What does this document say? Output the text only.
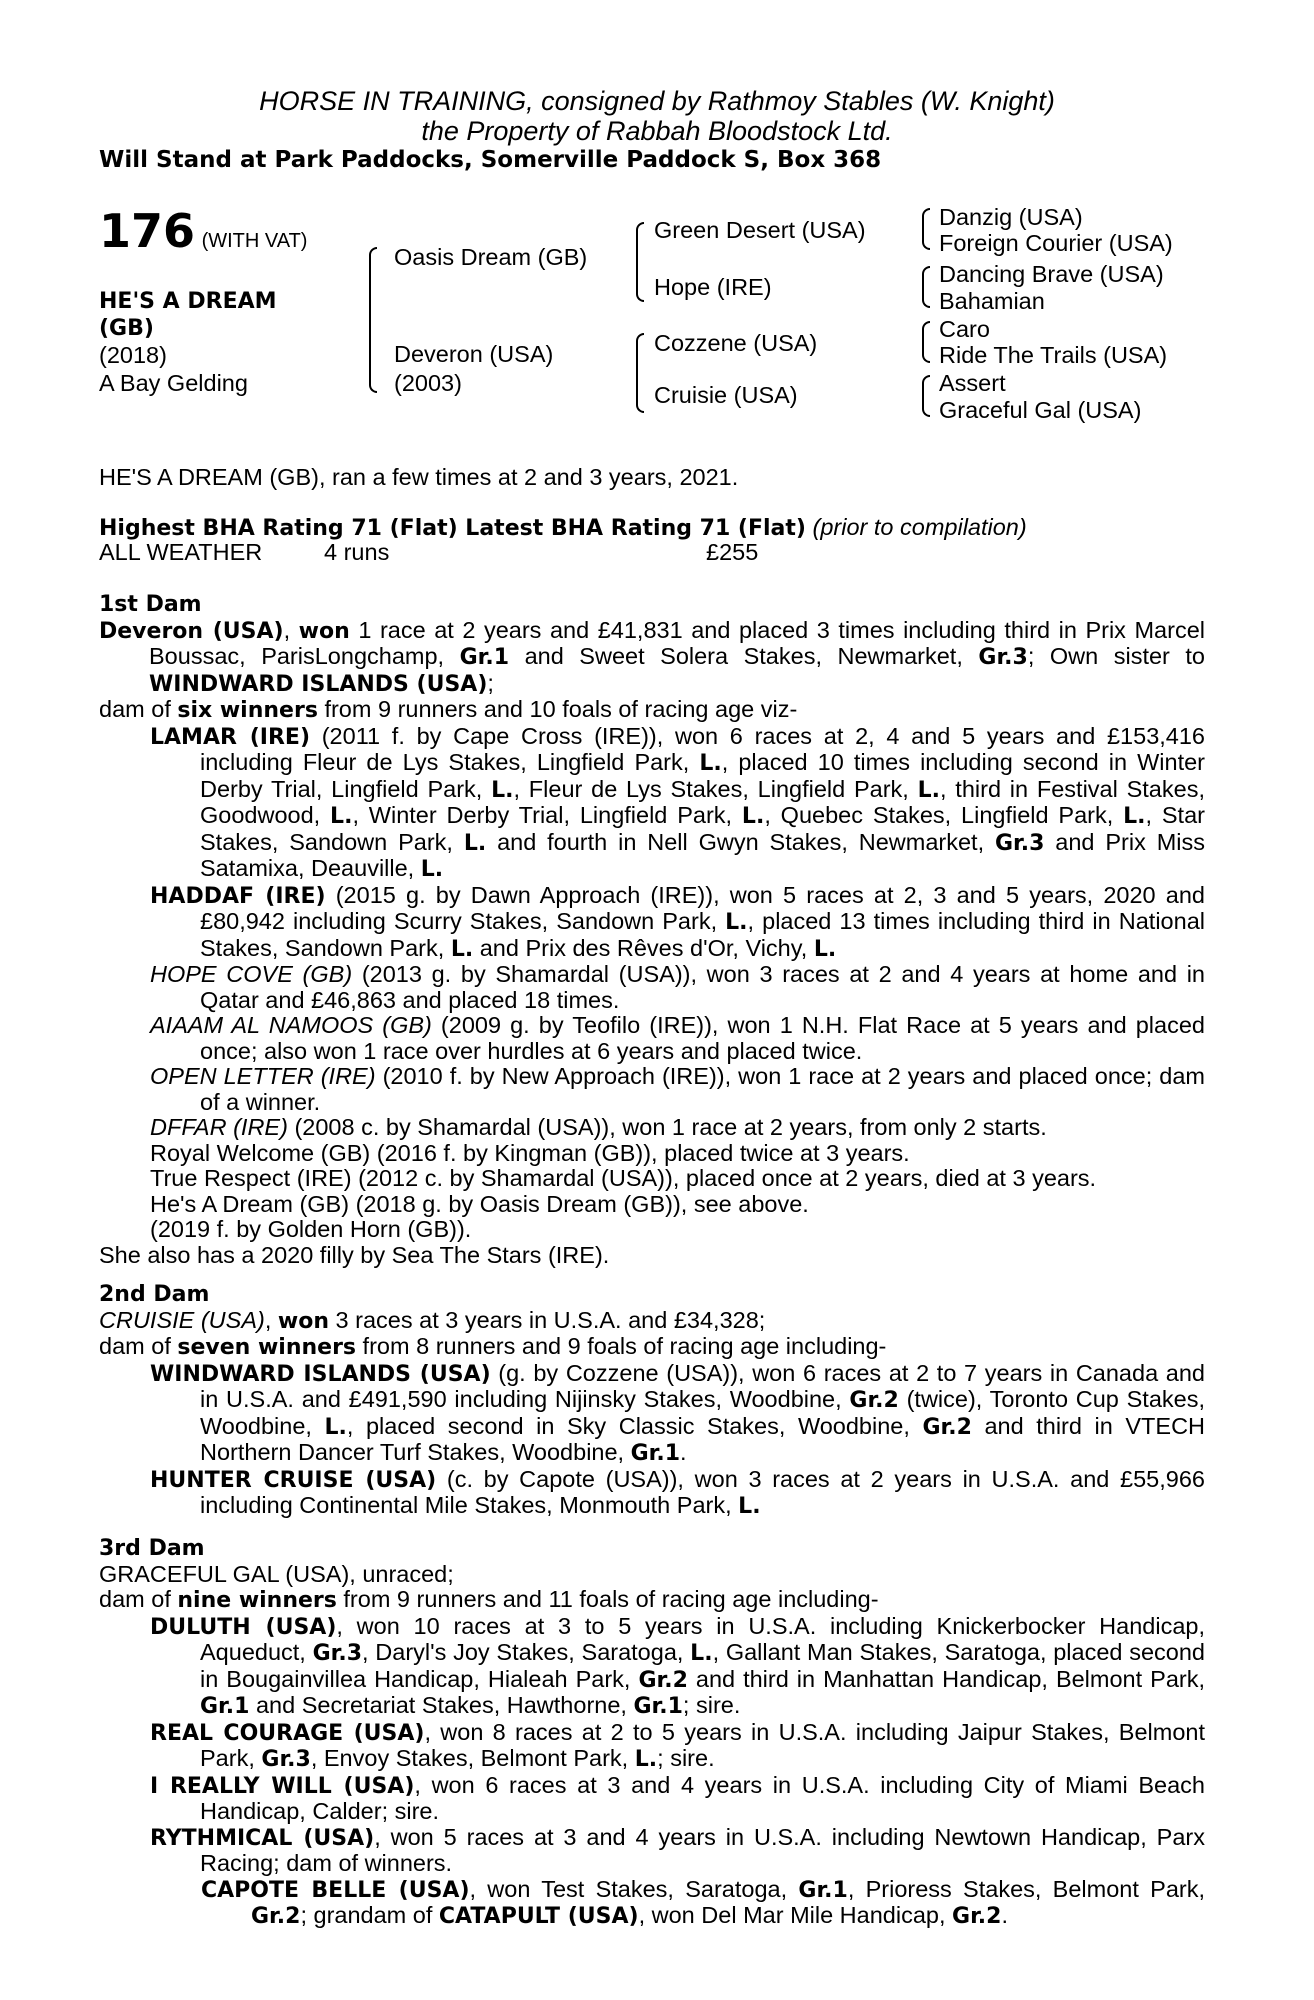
HORSE IN TRAINING, consigned by Rathmoy Stables (W. Knight)
the Property of Rabbah Bloodstock Ltd.
Will Stand at Park Paddocks, Somerville Paddock S, Box 368
176 (WITH VAT)
HE'S A DREAM
(GB)
(2018)
A Bay Gelding
Oasis Dream (GB)
Deveron (USA)
(2003)
Green Desert (USA)
Hope (IRE)
Cozzene (USA)
Cruisie (USA)
Danzig (USA)
Foreign Courier (USA)
Dancing Brave (USA)
Bahamian
Caro
Ride The Trails (USA)
Assert
Graceful Gal (USA)
HE'S A DREAM (GB), ran a few times at 2 and 3 years, 2021.
Highest BHA Rating 71 (Flat) Latest BHA Rating 71 (Flat) (prior to compilation)
ALL WEATHER	4 runs	£255
1st Dam

Deveron (USA), won 1 race at 2 years and £41,831 and placed 3 times including third in Prix Marcel Boussac, ParisLongchamp, Gr.1 and Sweet Solera Stakes, Newmarket, Gr.3; Own sister to WINDWARD ISLANDS (USA);

dam of six winners from 9 runners and 10 foals of racing age viz-

LAMAR (IRE) (2011 f. by Cape Cross (IRE)), won 6 races at 2, 4 and 5 years and £153,416 including Fleur de Lys Stakes, Lingfield Park, L., placed 10 times including second in Winter Derby Trial, Lingfield Park, L., Fleur de Lys Stakes, Lingfield Park, L., third in Festival Stakes, Goodwood, L., Winter Derby Trial, Lingfield Park, L., Quebec Stakes, Lingfield Park, L., Star Stakes, Sandown Park, L. and fourth in Nell Gwyn Stakes, Newmarket, Gr.3 and Prix Miss Satamixa, Deauville, L.

HADDAF (IRE) (2015 g. by Dawn Approach (IRE)), won 5 races at 2, 3 and 5 years, 2020 and £80,942 including Scurry Stakes, Sandown Park, L., placed 13 times including third in National Stakes, Sandown Park, L. and Prix des Rêves d'Or, Vichy, L.

HOPE COVE (GB) (2013 g. by Shamardal (USA)), won 3 races at 2 and 4 years at home and in Qatar and £46,863 and placed 18 times.

AIAAM AL NAMOOS (GB) (2009 g. by Teofilo (IRE)), won 1 N.H. Flat Race at 5 years and placed once; also won 1 race over hurdles at 6 years and placed twice.

OPEN LETTER (IRE) (2010 f. by New Approach (IRE)), won 1 race at 2 years and placed once; dam of a winner.

DFFAR (IRE) (2008 c. by Shamardal (USA)), won 1 race at 2 years, from only 2 starts.

Royal Welcome (GB) (2016 f. by Kingman (GB)), placed twice at 3 years.

True Respect (IRE) (2012 c. by Shamardal (USA)), placed once at 2 years, died at 3 years.

He's A Dream (GB) (2018 g. by Oasis Dream (GB)), see above.

(2019 f. by Golden Horn (GB)).

She also has a 2020 filly by Sea The Stars (IRE).

2nd Dam

CRUISIE (USA), won 3 races at 3 years in U.S.A. and £34,328;

dam of seven winners from 8 runners and 9 foals of racing age including-

WINDWARD ISLANDS (USA) (g. by Cozzene (USA)), won 6 races at 2 to 7 years in Canada and in U.S.A. and £491,590 including Nijinsky Stakes, Woodbine, Gr.2 (twice), Toronto Cup Stakes, Woodbine, L., placed second in Sky Classic Stakes, Woodbine, Gr.2 and third in VTECH Northern Dancer Turf Stakes, Woodbine, Gr.1.

HUNTER CRUISE (USA) (c. by Capote (USA)), won 3 races at 2 years in U.S.A. and £55,966 including Continental Mile Stakes, Monmouth Park, L.

3rd Dam

GRACEFUL GAL (USA), unraced;

dam of nine winners from 9 runners and 11 foals of racing age including-

DULUTH (USA), won 10 races at 3 to 5 years in U.S.A. including Knickerbocker Handicap, Aqueduct, Gr.3, Daryl's Joy Stakes, Saratoga, L., Gallant Man Stakes, Saratoga, placed second in Bougainvillea Handicap, Hialeah Park, Gr.2 and third in Manhattan Handicap, Belmont Park, Gr.1 and Secretariat Stakes, Hawthorne, Gr.1; sire.

REAL COURAGE (USA), won 8 races at 2 to 5 years in U.S.A. including Jaipur Stakes, Belmont Park, Gr.3, Envoy Stakes, Belmont Park, L.; sire.

I REALLY WILL (USA), won 6 races at 3 and 4 years in U.S.A. including City of Miami Beach Handicap, Calder; sire.

RYTHMICAL (USA), won 5 races at 3 and 4 years in U.S.A. including Newtown Handicap, Parx Racing; dam of winners.

CAPOTE BELLE (USA), won Test Stakes, Saratoga, Gr.1, Prioress Stakes, Belmont Park, Gr.2; grandam of CATAPULT (USA), won Del Mar Mile Handicap, Gr.2.
